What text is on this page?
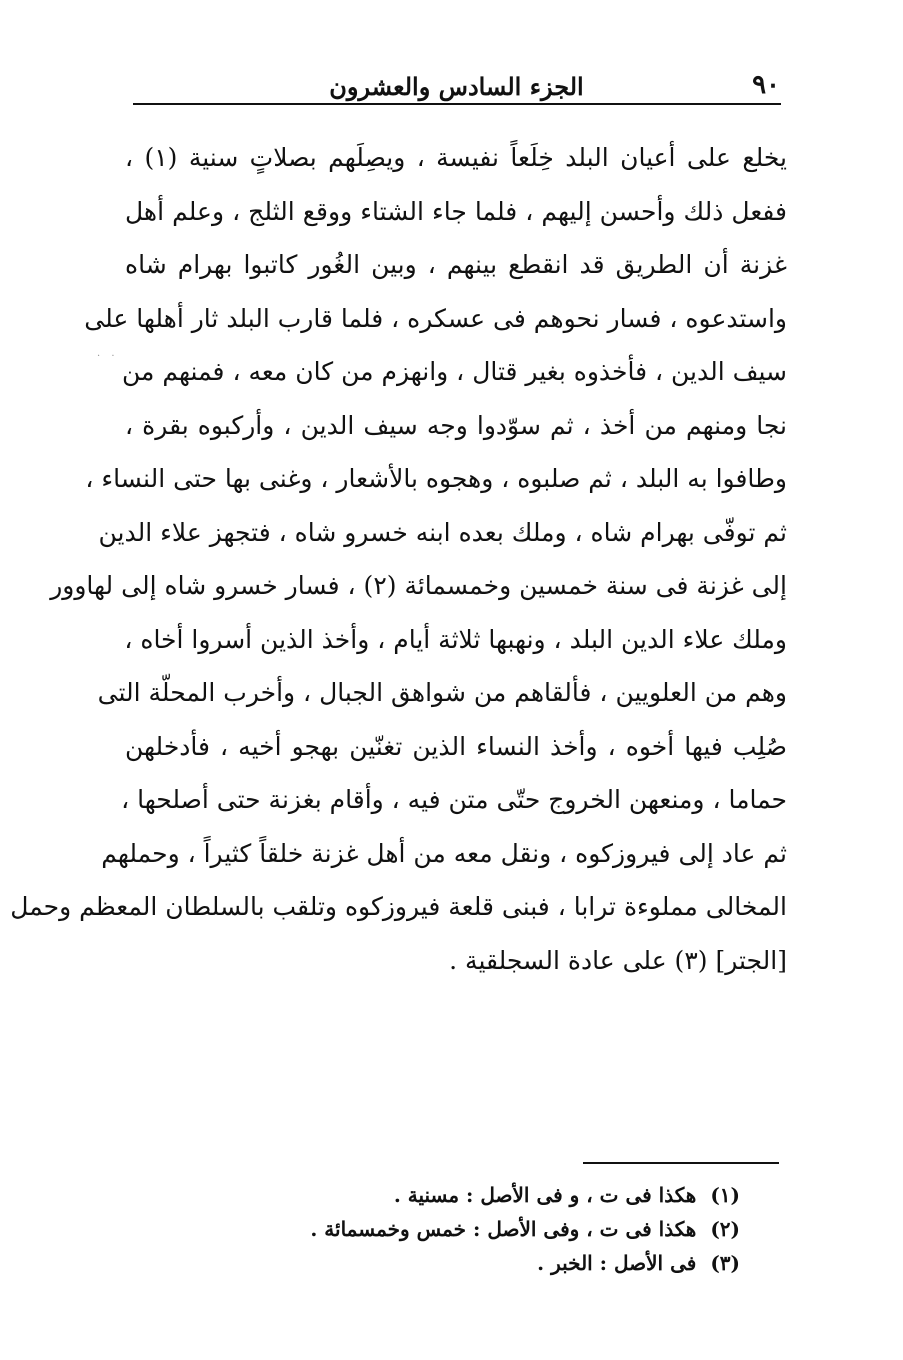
٩٠
الجزء السادس والعشرون
· ·
يخلع على أعيان البلد خِلَعاً نفيسة ، ويصِلَهم بصلاتٍ سنية (١) ،
ففعل ذلك وأحسن إليهم ، فلما جاء الشتاء ووقع الثلج ، وعلم أهل
غزنة أن الطريق قد انقطع بينهم ، وبين الغُور كاتبوا بهرام شاه
واستدعوه ، فسار نحوهم فى عسكره ، فلما قارب البلد ثار أهلها على
سيف الدين ، فأخذوه بغير قتال ، وانهزم من كان معه ، فمنهم من
نجا ومنهم من أخذ ، ثم سوّدوا وجه سيف الدين ، وأركبوه بقرة ،
وطافوا به البلد ، ثم صلبوه ، وهجوه بالأشعار ، وغنى بها حتى النساء ،
ثم توفّى بهرام شاه ، وملك بعده ابنه خسرو شاه ، فتجهز علاء الدين
إلى غزنة فى سنة خمسين وخمسمائة (٢) ، فسار خسرو شاه إلى لهاوور
وملك علاء الدين البلد ، ونهبها ثلاثة أيام ، وأخذ الذين أسروا أخاه ،
وهم من العلويين ، فألقاهم من شواهق الجبال ، وأخرب المحلّة التى
صُلِب فيها أخوه ، وأخذ النساء الذين تغنّين بهجو أخيه ، فأدخلهن
حماما ، ومنعهن الخروج حتّى متن فيه ، وأقام بغزنة حتى أصلحها ،
ثم عاد إلى فيروزكوه ، ونقل معه من أهل غزنة خلقاً كثيراً ، وحملهم
المخالى مملوءة ترابا ، فبنى قلعة فيروزكوه وتلقب بالسلطان المعظم وحمل
[الجتر] (٣) على عادة السجلقية .
(١)هكذا فى ت ، و فى الأصل : مسنية .
(٢)هكذا فى ت ، وفى الأصل : خمس وخمسمائة .
(٣)فى الأصل : الخبر .
